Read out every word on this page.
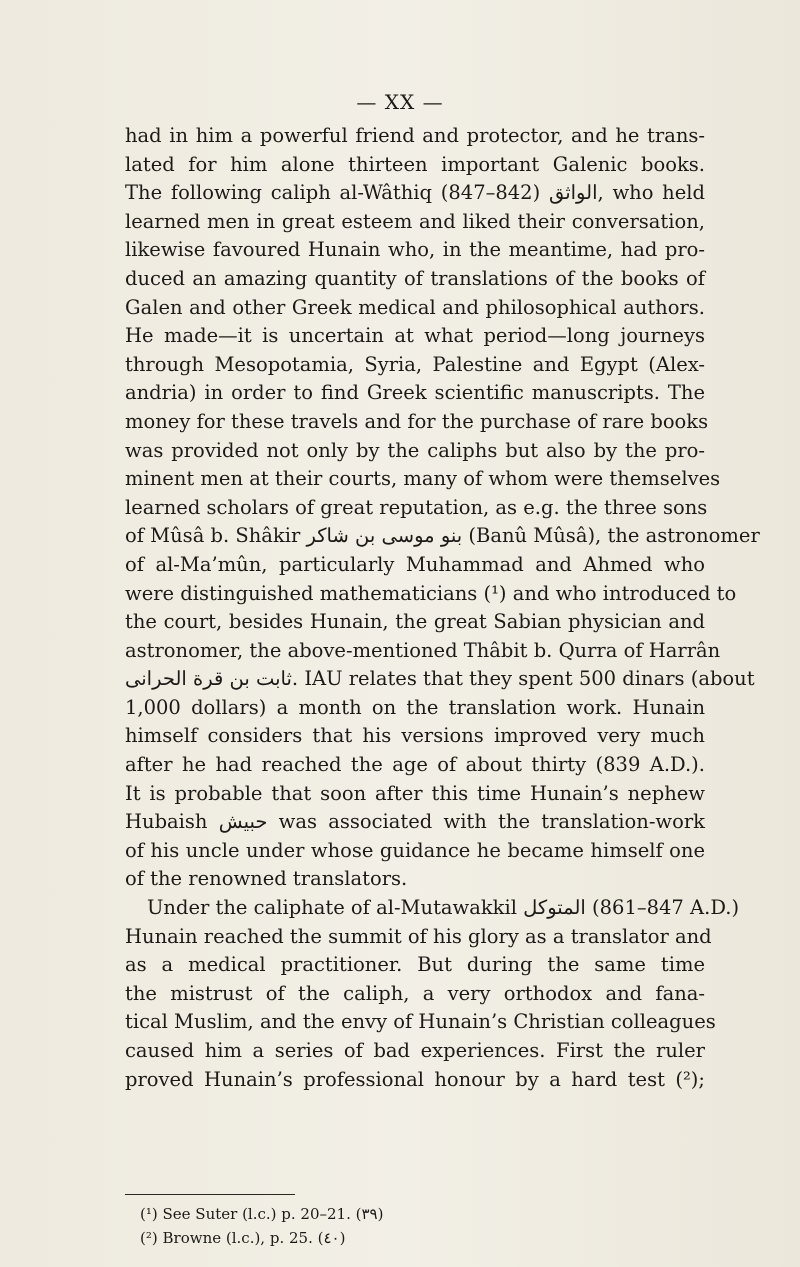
— XX —
had in him a powerful friend and protector, and he trans-
lated for him alone thirteen important Galenic books.
The following caliph al-Wâthiq الواثق (842–847), who held
learned men in great esteem and liked their conversation,
likewise favoured Hunain who, in the meantime, had pro-
duced an amazing quantity of translations of the books of
Galen and other Greek medical and philosophical authors.
He made—it is uncertain at what period—long journeys
through Mesopotamia, Syria, Palestine and Egypt (Alex-
andria) in order to find Greek scientific manuscripts. The
money for these travels and for the purchase of rare books
was provided not only by the caliphs but also by the pro-
minent men at their courts, many of whom were themselves
learned scholars of great reputation, as e.g. the three sons
of Mûsâ b. Shâkir بنو موسى بن شاكر (Banû Mûsâ), the astronomer
of al-Ma’mûn, particularly Muhammad and Ahmed who
were distinguished mathematicians (¹) and who introduced to
the court, besides Hunain, the great Sabian physician and
astronomer, the above-mentioned Thâbit b. Qurra of Harrân
ثابت بن قرة الحرانى. IAU relates that they spent 500 dinars (about
1,000 dollars) a month on the translation work. Hunain
himself considers that his versions improved very much
after he had reached the age of about thirty (839 A.D.).
It is probable that soon after this time Hunain’s nephew
Hubaish حبيش was associated with the translation-work
of his uncle under whose guidance he became himself one
of the renowned translators.
Under the caliphate of al-Mutawakkil المتوكل (847–861 A.D.)
Hunain reached the summit of his glory as a translator and
as a medical practitioner. But during the same time
the mistrust of the caliph, a very orthodox and fana-
tical Muslim, and the envy of Hunain’s Christian colleagues
caused him a series of bad experiences. First the ruler
proved Hunain’s professional honour by a hard test (²);
(¹) See Suter (l.c.) p. 20–21. (٣٩)
(²) Browne (l.c.), p. 25. (٤٠)
